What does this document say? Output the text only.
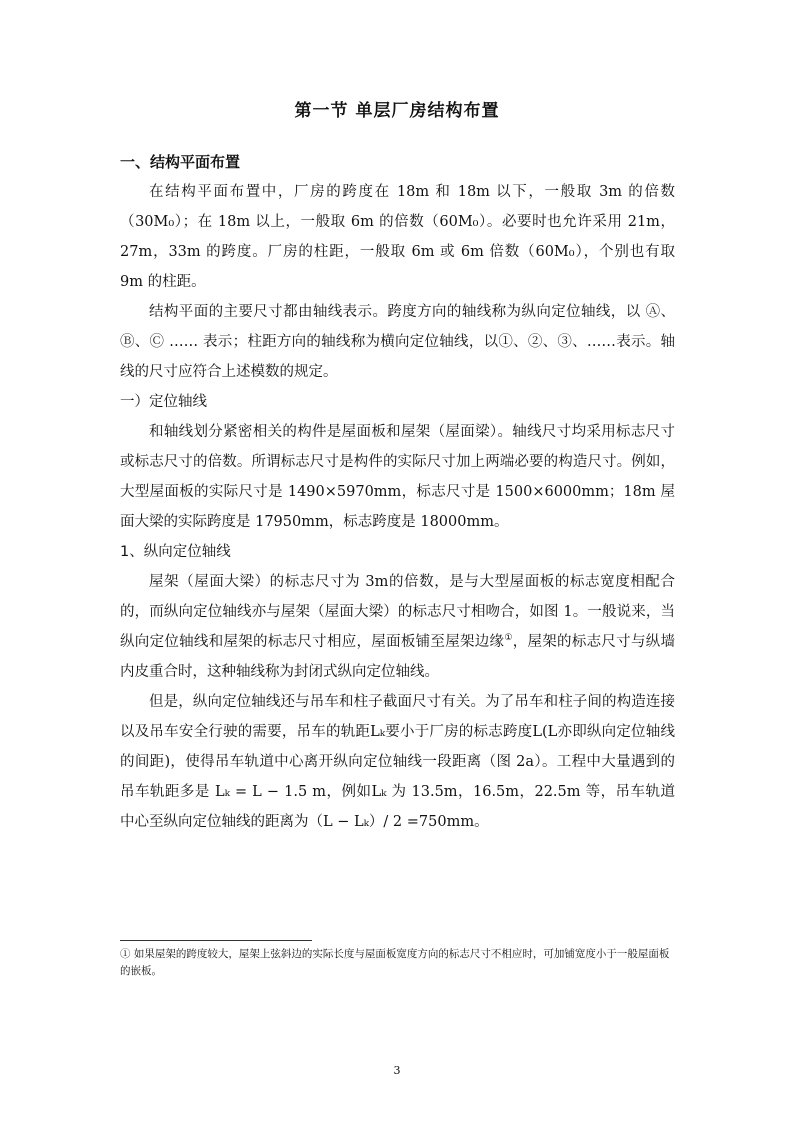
第一节 单层厂房结构布置

一、结构平面布置

在结构平面布置中，厂房的跨度在 18m 和 18m 以下，一般取 3m 的倍数（30M₀）；在 18m 以上，一般取 6m 的倍数（60M₀）。必要时也允许采用 21m，27m，33m 的跨度。厂房的柱距，一般取 6m 或 6m 倍数（60M₀），个别也有取 9m 的柱距。

结构平面的主要尺寸都由轴线表示。跨度方向的轴线称为纵向定位轴线，以 Ⓐ、Ⓑ、Ⓒ …… 表示；柱距方向的轴线称为横向定位轴线，以①、②、③、……表示。轴线的尺寸应符合上述模数的规定。

一）定位轴线

和轴线划分紧密相关的构件是屋面板和屋架（屋面梁）。轴线尺寸均采用标志尺寸或标志尺寸的倍数。所谓标志尺寸是构件的实际尺寸加上两端必要的构造尺寸。例如，大型屋面板的实际尺寸是 1490×5970mm，标志尺寸是 1500×6000mm；18m 屋面大梁的实际跨度是 17950mm，标志跨度是 18000mm。

1、纵向定位轴线

屋架（屋面大梁）的标志尺寸为 3m的倍数，是与大型屋面板的标志宽度相配合的，而纵向定位轴线亦与屋架（屋面大梁）的标志尺寸相吻合，如图 1。一般说来，当纵向定位轴线和屋架的标志尺寸相应，屋面板铺至屋架边缘①，屋架的标志尺寸与纵墙内皮重合时，这种轴线称为封闭式纵向定位轴线。

但是，纵向定位轴线还与吊车和柱子截面尺寸有关。为了吊车和柱子间的构造连接以及吊车安全行驶的需要，吊车的轨距Lₖ要小于厂房的标志跨度L(L亦即纵向定位轴线的间距)，使得吊车轨道中心离开纵向定位轴线一段距离（图 2a）。工程中大量遇到的吊车轨距多是 Lₖ = L − 1.5 m，例如Lₖ 为 13.5m，16.5m，22.5m 等，吊车轨道中心至纵向定位轴线的距离为（L − Lₖ）/ 2 =750mm。

① 如果屋架的跨度较大，屋架上弦斜边的实际长度与屋面板宽度方向的标志尺寸不相应时，可加铺宽度小于一般屋面板的嵌板。
3
